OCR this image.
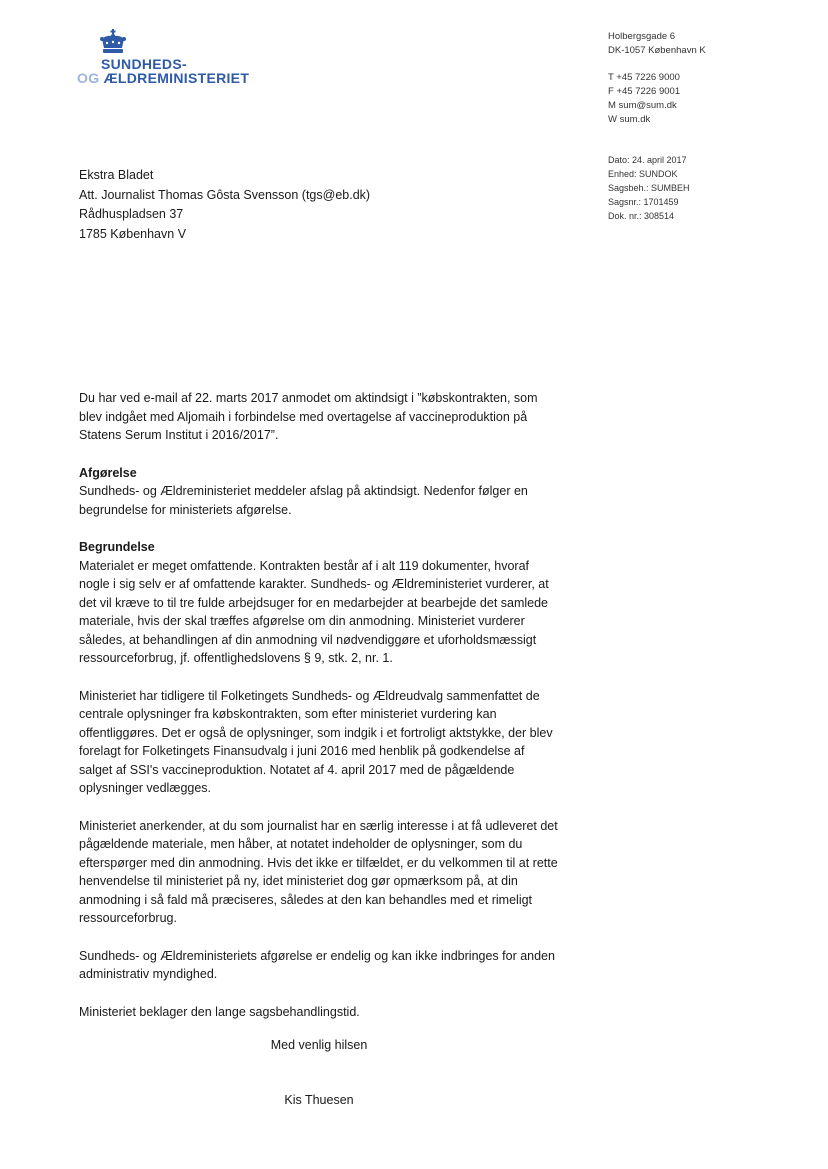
SUNDHEDS-
OG ÆLDREMINISTERIET
Holbergsgade 6
DK-1057 København K
T +45 7226 9000
F +45 7226 9001
M sum@sum.dk
W sum.dk
Dato: 24. april 2017
Enhed: SUNDOK
Sagsbeh.: SUMBEH
Sagsnr.: 1701459
Dok. nr.: 308514
Ekstra Bladet
Att. Journalist Thomas Gôsta Svensson (tgs@eb.dk)
Rådhuspladsen 37
1785 København V

Du har ved e-mail af 22. marts 2017 anmodet om aktindsigt i ”købskontrakten, som blev indgået med Aljomaih i forbindelse med overtagelse af vaccineproduktion på Statens Serum Institut i 2016/2017”.

Afgørelse

Sundheds- og Ældreministeriet meddeler afslag på aktindsigt. Nedenfor følger en begrundelse for ministeriets afgørelse.

Begrundelse

Materialet er meget omfattende. Kontrakten består af i alt 119 dokumenter, hvoraf nogle i sig selv er af omfattende karakter. Sundheds- og Ældreministeriet vurderer, at det vil kræve to til tre fulde arbejdsuger for en medarbejder at bearbejde det samlede materiale, hvis der skal træffes afgørelse om din anmodning. Ministeriet vurderer således, at behandlingen af din anmodning vil nødvendiggøre et uforholdsmæssigt ressourceforbrug, jf. offentlighedslovens § 9, stk. 2, nr. 1.

Ministeriet har tidligere til Folketingets Sundheds- og Ældreudvalg sammenfattet de centrale oplysninger fra købskontrakten, som efter ministeriet vurdering kan offentliggøres. Det er også de oplysninger, som indgik i et fortroligt aktstykke, der blev forelagt for Folketingets Finansudvalg i juni 2016 med henblik på godkendelse af salget af SSI's vaccineproduktion. Notatet af 4. april 2017 med de pågældende oplysninger vedlægges.

Ministeriet anerkender, at du som journalist har en særlig interesse i at få udleveret det pågældende materiale, men håber, at notatet indeholder de oplysninger, som du efterspørger med din anmodning. Hvis det ikke er tilfældet, er du velkommen til at rette henvendelse til ministeriet på ny, idet ministeriet dog gør opmærksom på, at din anmodning i så fald må præciseres, således at den kan behandles med et rimeligt ressourceforbrug.

Sundheds- og Ældreministeriets afgørelse er endelig og kan ikke indbringes for anden administrativ myndighed.

Ministeriet beklager den lange sagsbehandlingstid.

Med venlig hilsen
Kis Thuesen
